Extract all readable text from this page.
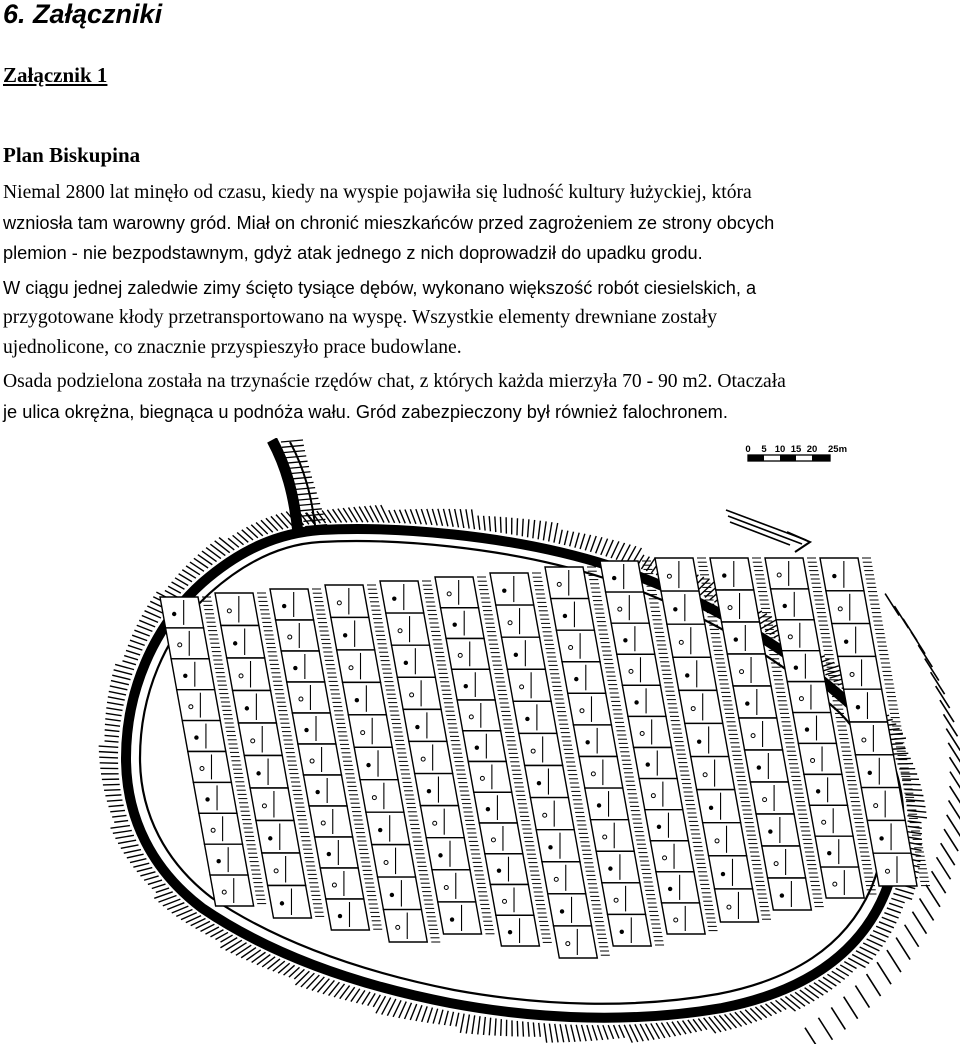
6. Załączniki
Załącznik 1
Plan Biskupina

Niemal 2800 lat minęło od czasu, kiedy na wyspie pojawiła się ludność kultury łużyckiej, która
wzniosła tam warowny gród. Miał on chronić mieszkańców przed zagrożeniem ze strony obcych
plemion - nie bezpodstawnym, gdyż atak jednego z nich doprowadził do upadku grodu.

W ciągu jednej zaledwie zimy ścięto tysiące dębów, wykonano większość robót ciesielskich, a
przygotowane kłody przetransportowano na wyspę. Wszystkie elementy drewniane zostały
ujednolicone, co znacznie przyspieszyło prace budowlane.

Osada podzielona została na trzynaście rzędów chat, z których każda mierzyła 70 - 90 m2. Otaczała
je ulica okrężna, biegnąca u podnóża wału. Gród zabezpieczony był również falochronem.

0 5 10 15 20 25m
